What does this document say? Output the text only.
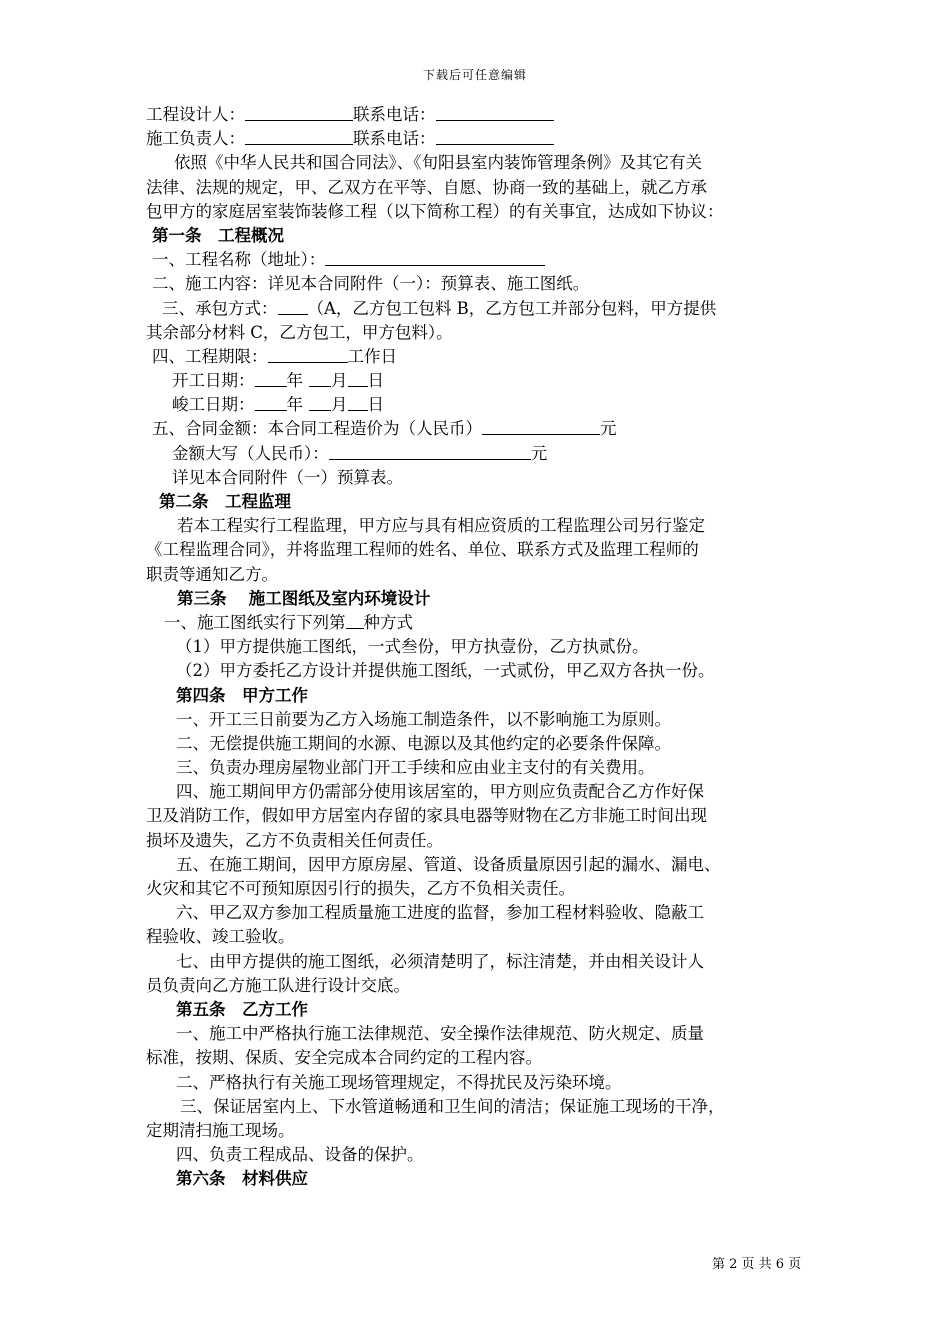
下载后可任意编辑
工程设计人：	联系电话：
施工负责人：	联系电话：
依照《中华人民共和国合同法》、《旬阳县室内装饰管理条例》及其它有关
法律、法规的规定，甲、乙双方在平等、自愿、协商一致的基础上，就乙方承
包甲方的家庭居室装饰装修工程（以下简称工程）的有关事宜，达成如下协议：
第一条　工程概况
一、工程名称（地址）：
二、施工内容：详见本合同附件（一）：预算表、施工图纸。
三、承包方式： （A，乙方包工包料 B，乙方包工并部分包料，甲方提供
其余部分材料 C，乙方包工，甲方包料）。
四、工程期限：	工作日
开工日期： 年 月 日
峻工日期： 年 月 日
五、合同金额：本合同工程造价为（人民币）	元
金额大写（人民币）：	元
详见本合同附件（一）预算表。
第二条　工程监理
若本工程实行工程监理，甲方应与具有相应资质的工程监理公司另行鉴定
《工程监理合同》，并将监理工程师的姓名、单位、联系方式及监理工程师的
职责等通知乙方。
第三条　 施工图纸及室内环境设计
一、施工图纸实行下列第 种方式
（1）甲方提供施工图纸，一式叁份，甲方执壹份，乙方执贰份。
（2）甲方委托乙方设计并提供施工图纸，一式贰份，甲乙双方各执一份。
第四条　甲方工作
一、开工三日前要为乙方入场施工制造条件，以不影响施工为原则。
二、无偿提供施工期间的水源、电源以及其他约定的必要条件保障。
三、负责办理房屋物业部门开工手续和应由业主支付的有关费用。
四、施工期间甲方仍需部分使用该居室的，甲方则应负责配合乙方作好保
卫及消防工作，假如甲方居室内存留的家具电器等财物在乙方非施工时间出现
损坏及遗失，乙方不负责相关任何责任。
五、在施工期间，因甲方原房屋、管道、设备质量原因引起的漏水、漏电、
火灾和其它不可预知原因引行的损失，乙方不负相关责任。
六、甲乙双方参加工程质量施工进度的监督，参加工程材料验收、隐蔽工
程验收、竣工验收。
七、由甲方提供的施工图纸，必须清楚明了，标注清楚，并由相关设计人
员负责向乙方施工队进行设计交底。
第五条　乙方工作
一、施工中严格执行施工法律规范、安全操作法律规范、防火规定、质量
标准，按期、保质、安全完成本合同约定的工程内容。
二、严格执行有关施工现场管理规定，不得扰民及污染环境。
三、保证居室内上、下水管道畅通和卫生间的清洁；保证施工现场的干净，
定期清扫施工现场。
四、负责工程成品、设备的保护。
第六条　材料供应
第 2 页 共 6 页
